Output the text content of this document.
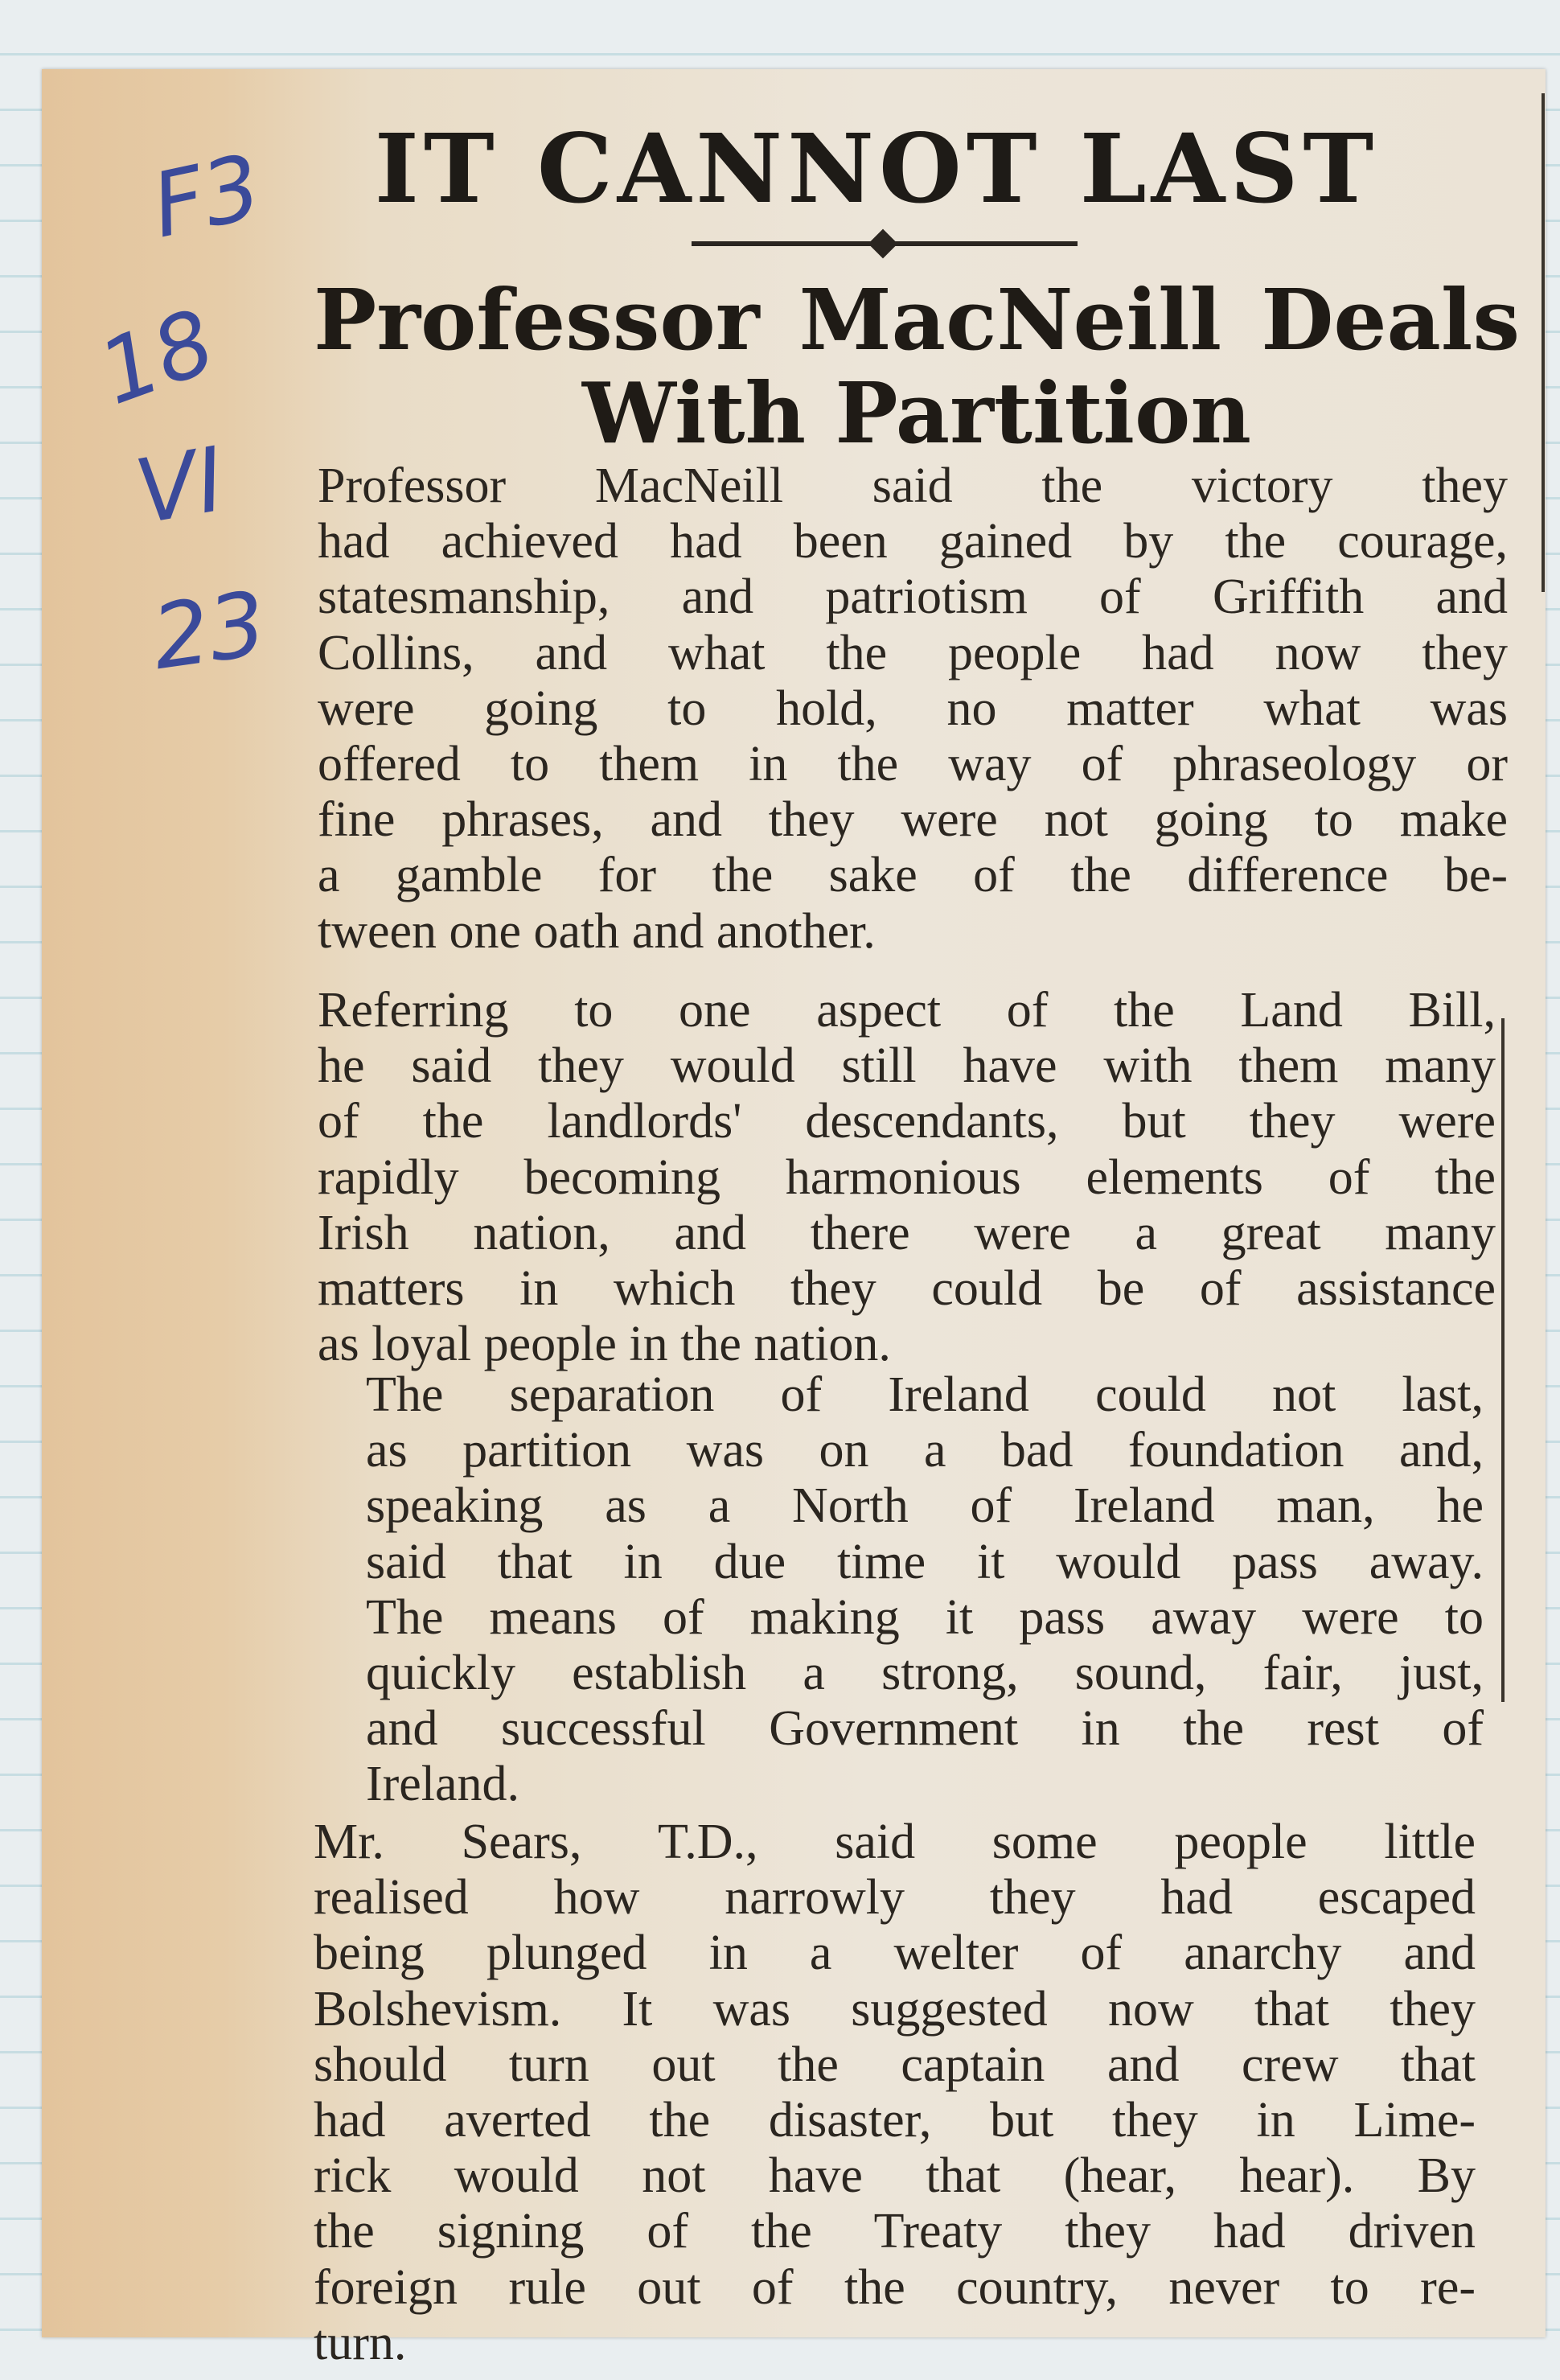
F3
18
VI
23
IT CANNOT LAST
Professor MacNeill Deals
With Partition
Professor MacNeill said the victory they
had achieved had been gained by the courage,
statesmanship, and patriotism of Griffith and
Collins, and what the people had now they
were going to hold, no matter what was
offered to them in the way of phraseology or
fine phrases, and they were not going to make
a gamble for the sake of the difference be-
tween one oath and another.
Referring to one aspect of the Land Bill,
he said they would still have with them many
of the landlords' descendants, but they were
rapidly becoming harmonious elements of the
Irish nation, and there were a great many
matters in which they could be of assistance
as loyal people in the nation.
The separation of Ireland could not last,
as partition was on a bad foundation and,
speaking as a North of Ireland man, he
said that in due time it would pass away.
The means of making it pass away were to
quickly establish a strong, sound, fair, just,
and successful Government in the rest of
Ireland.
Mr. Sears, T.D., said some people little
realised how narrowly they had escaped
being plunged in a welter of anarchy and
Bolshevism. It was suggested now that they
should turn out the captain and crew that
had averted the disaster, but they in Lime-
rick would not have that (hear, hear). By
the signing of the Treaty they had driven
foreign rule out of the country, never to re-
turn.
